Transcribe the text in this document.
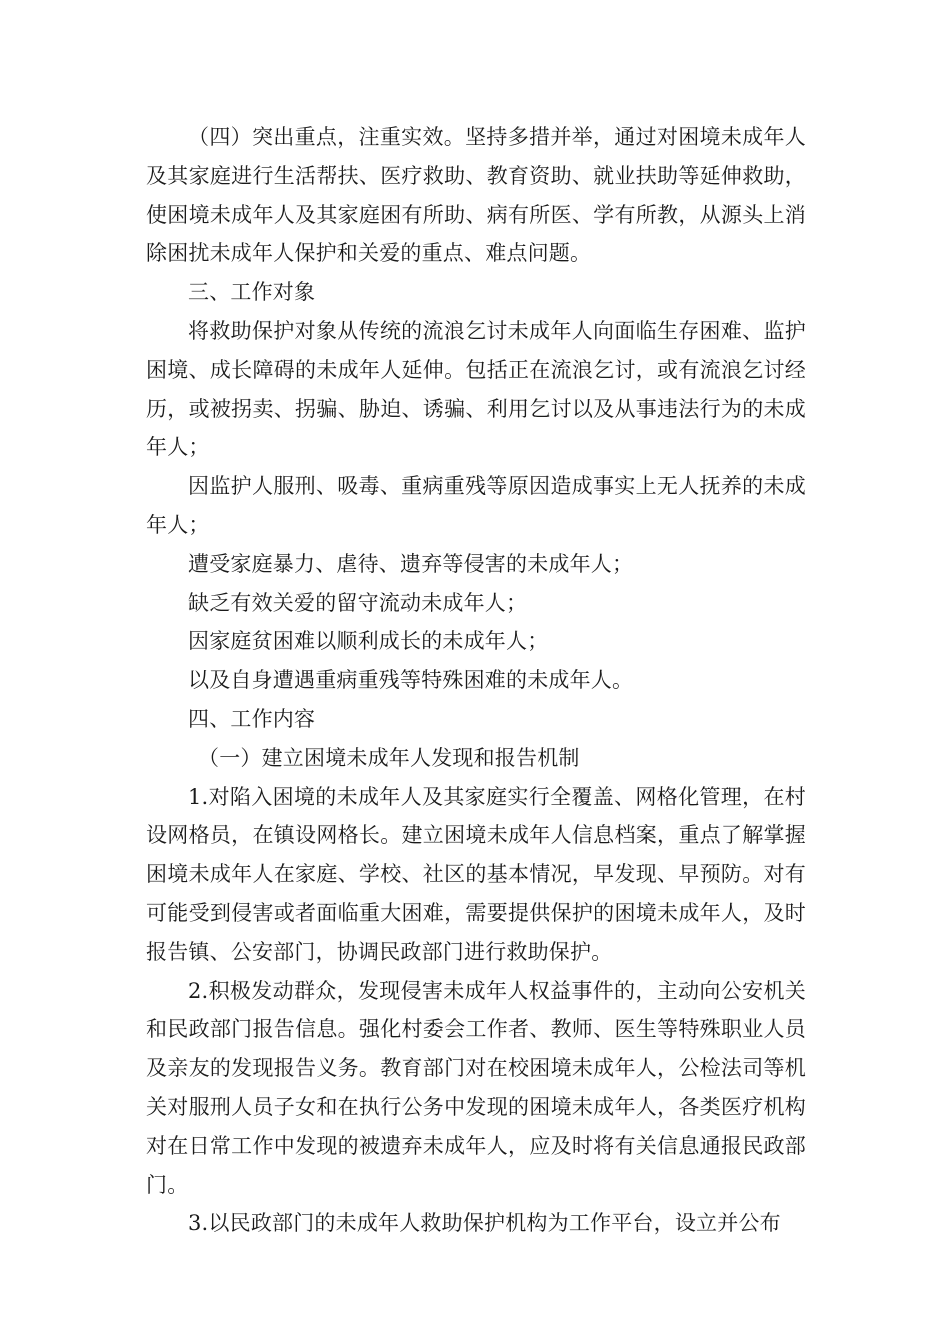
（四）突出重点，注重实效。坚持多措并举，通过对困境未成年人及其家庭进行生活帮扶、医疗救助、教育资助、就业扶助等延伸救助，使困境未成年人及其家庭困有所助、病有所医、学有所教，从源头上消除困扰未成年人保护和关爱的重点、难点问题。

三、工作对象

将救助保护对象从传统的流浪乞讨未成年人向面临生存困难、监护困境、成长障碍的未成年人延伸。包括正在流浪乞讨，或有流浪乞讨经历，或被拐卖、拐骗、胁迫、诱骗、利用乞讨以及从事违法行为的未成年人；

因监护人服刑、吸毒、重病重残等原因造成事实上无人抚养的未成年人；

遭受家庭暴力、虐待、遗弃等侵害的未成年人；

缺乏有效关爱的留守流动未成年人；

因家庭贫困难以顺利成长的未成年人；

以及自身遭遇重病重残等特殊困难的未成年人。

四、工作内容

（一）建立困境未成年人发现和报告机制

1.对陷入困境的未成年人及其家庭实行全覆盖、网格化管理，在村设网格员，在镇设网格长。建立困境未成年人信息档案，重点了解掌握困境未成年人在家庭、学校、社区的基本情况，早发现、早预防。对有可能受到侵害或者面临重大困难，需要提供保护的困境未成年人，及时报告镇、公安部门，协调民政部门进行救助保护。

2.积极发动群众，发现侵害未成年人权益事件的，主动向公安机关和民政部门报告信息。强化村委会工作者、教师、医生等特殊职业人员及亲友的发现报告义务。教育部门对在校困境未成年人，公检法司等机关对服刑人员子女和在执行公务中发现的困境未成年人，各类医疗机构对在日常工作中发现的被遗弃未成年人，应及时将有关信息通报民政部门。

3.以民政部门的未成年人救助保护机构为工作平台，设立并公布
